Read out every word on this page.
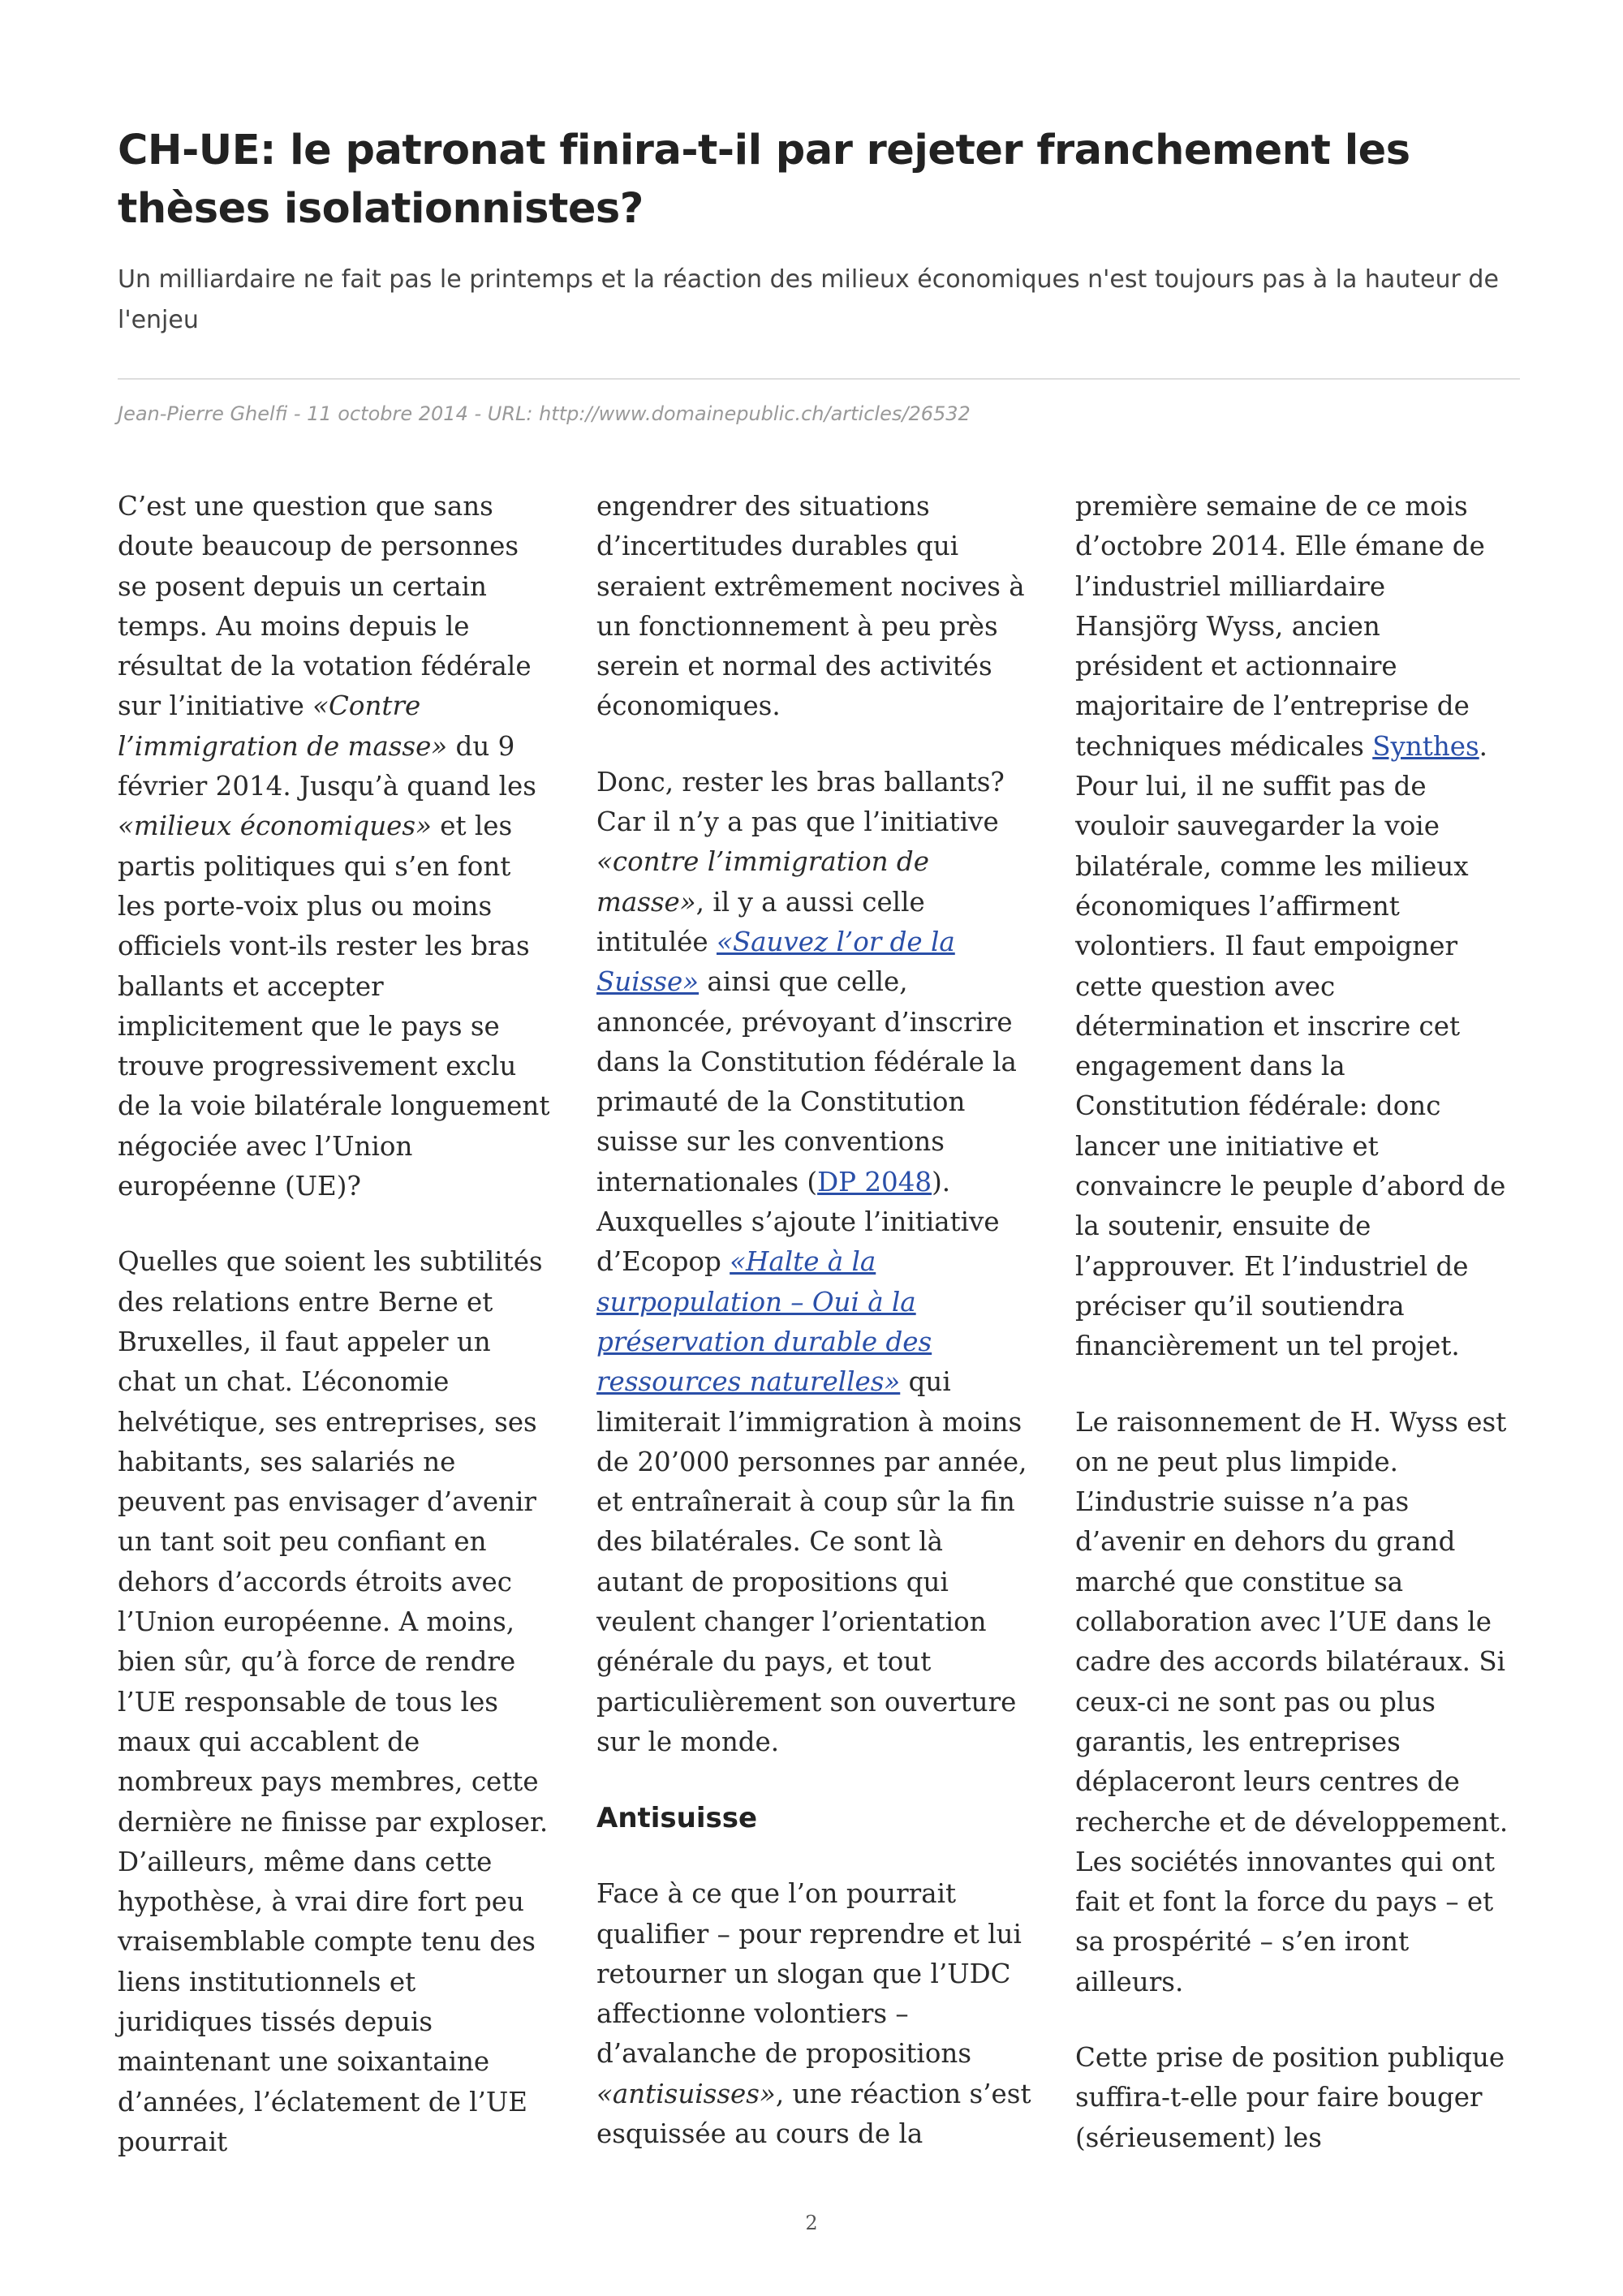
CH-UE: le patronat finira-t-il par rejeter franchement les thèses isolationnistes?

Un milliardaire ne fait pas le printemps et la réaction des milieux économiques n'est toujours pas à la hauteur de l'enjeu

Jean-Pierre Ghelfi - 11 octobre 2014 - URL: http://www.domainepublic.ch/articles/26532

C’est une question que sans doute beaucoup de personnes se posent depuis un certain temps. Au moins depuis le résultat de la votation fédérale sur l’initiative «Contre l’immigration de masse» du 9 février 2014. Jusqu’à quand les «milieux économiques» et les partis politiques qui s’en font les porte-voix plus ou moins officiels vont-ils rester les bras ballants et accepter implicitement que le pays se trouve progressivement exclu de la voie bilatérale longuement négociée avec l’Union européenne (UE)?

Quelles que soient les subtilités des relations entre Berne et Bruxelles, il faut appeler un chat un chat. L’économie helvétique, ses entreprises, ses habitants, ses salariés ne peuvent pas envisager d’avenir un tant soit peu confiant en dehors d’accords étroits avec l’Union européenne. A moins, bien sûr, qu’à force de rendre l’UE responsable de tous les maux qui accablent de nombreux pays membres, cette dernière ne finisse par exploser. D’ailleurs, même dans cette hypothèse, à vrai dire fort peu vraisemblable compte tenu des liens institutionnels et juridiques tissés depuis maintenant une soixantaine d’années, l’éclatement de l’UE pourrait

engendrer des situations d’incertitudes durables qui seraient extrêmement nocives à un fonctionnement à peu près serein et normal des activités économiques.

Donc, rester les bras ballants? Car il n’y a pas que l’initiative «contre l’immigration de masse», il y a aussi celle intitulée «Sauvez l’or de la Suisse» ainsi que celle, annoncée, prévoyant d’inscrire dans la Constitution fédérale la primauté de la Constitution suisse sur les conventions internationales (DP 2048). Auxquelles s’ajoute l’initiative d’Ecopop «Halte à la surpopulation – Oui à la préservation durable des ressources naturelles» qui limiterait l’immigration à moins de 20’000 personnes par année, et entraînerait à coup sûr la fin des bilatérales. Ce sont là autant de propositions qui veulent changer l’orientation générale du pays, et tout particulièrement son ouverture sur le monde.

Antisuisse

Face à ce que l’on pourrait qualifier – pour reprendre et lui retourner un slogan que l’UDC affectionne volontiers – d’avalanche de propositions «antisuisses», une réaction s’est esquissée au cours de la

première semaine de ce mois d’octobre 2014. Elle émane de l’industriel milliardaire Hansjörg Wyss, ancien président et actionnaire majoritaire de l’entreprise de techniques médicales Synthes. Pour lui, il ne suffit pas de vouloir sauvegarder la voie bilatérale, comme les milieux économiques l’affirment volontiers. Il faut empoigner cette question avec détermination et inscrire cet engagement dans la Constitution fédérale: donc lancer une initiative et convaincre le peuple d’abord de la soutenir, ensuite de l’approuver. Et l’industriel de préciser qu’il soutiendra financièrement un tel projet.

Le raisonnement de H. Wyss est on ne peut plus limpide. L’industrie suisse n’a pas d’avenir en dehors du grand marché que constitue sa collaboration avec l’UE dans le cadre des accords bilatéraux. Si ceux-ci ne sont pas ou plus garantis, les entreprises déplaceront leurs centres de recherche et de développement. Les sociétés innovantes qui ont fait et font la force du pays – et sa prospérité – s’en iront ailleurs.

Cette prise de position publique suffira-t-elle pour faire bouger (sérieusement) les

2
